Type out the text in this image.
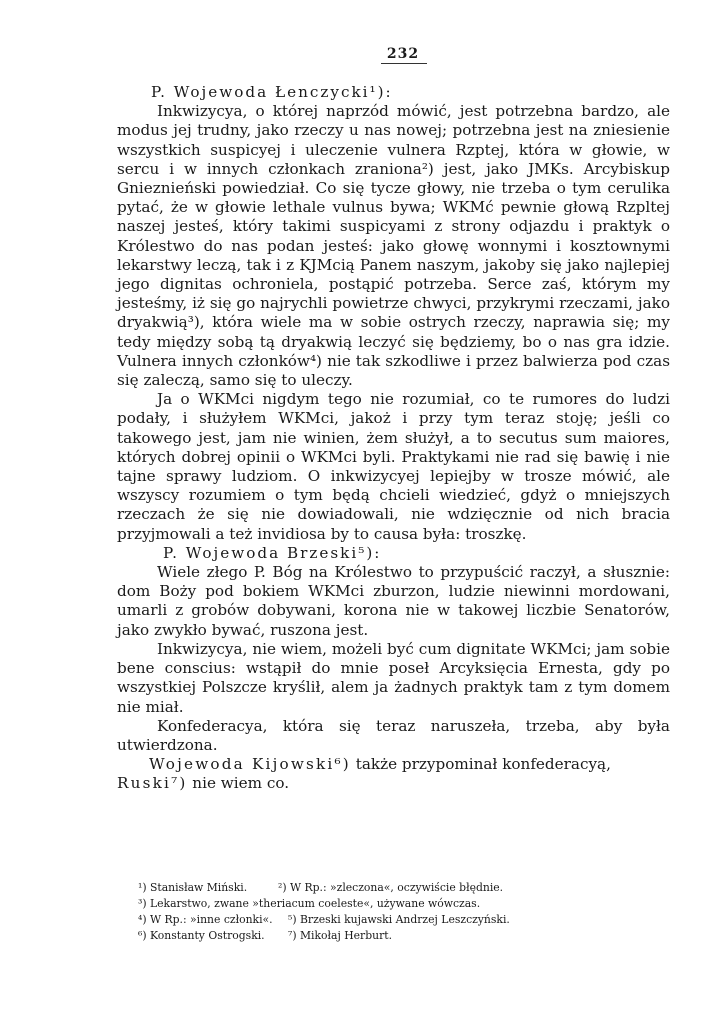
232

P. Wojewoda Łenczycki¹):

Inkwizycya, o której naprzód mówić, jest potrzebna bardzo, ale modus jej trudny, jako rzeczy u nas nowej; potrzebna jest na zniesienie wszystkich suspicyej i uleczenie vulnera Rzptej, która w głowie, w sercu i w innych członkach zraniona²) jest, jako JMKs. Arcybiskup Gnieznieński powiedział. Co się tycze głowy, nie trzeba o tym cerulika pytać, że w głowie lethale vulnus bywa; WKMć pewnie głową Rzpltej naszej jesteś, który takimi suspicyami z strony odjazdu i praktyk o Królestwo do nas podan jesteś: jako głowę wonnymi i kosztownymi lekarstwy leczą, tak i z KJMcią Panem naszym, jakoby się jako najlepiej jego dignitas ochroniela, postąpić potrzeba. Serce zaś, którym my jesteśmy, iż się go najrychli powietrze chwyci, przykrymi rzeczami, jako dryakwią³), która wiele ma w sobie ostrych rzeczy, naprawia się; my tedy między sobą tą dryakwią leczyć się będziemy, bo o nas gra idzie. Vulnera innych członków⁴) nie tak szkodliwe i przez balwierza pod czas się zaleczą, samo się to uleczy.

Ja o WKMci nigdym tego nie rozumiał, co te rumores do ludzi podały, i służyłem WKMci, jakoż i przy tym teraz stoję; jeśli co takowego jest, jam nie winien, żem służył, a to secutus sum maiores, których dobrej opinii o WKMci byli. Praktykami nie rad się bawię i nie tajne sprawy ludziom. O inkwizycyej lepiejby w trosze mówić, ale wszyscy rozumiem o tym będą chcieli wiedzieć, gdyż o mniejszych rzeczach że się nie dowiadowali, nie wdzięcznie od nich bracia przyjmowali a też invidiosa by to causa była: troszkę.

P. Wojewoda Brzeski⁵):

Wiele złego P. Bóg na Królestwo to przypuścić raczył, a słusznie: dom Boży pod bokiem WKMci zburzon, ludzie niewinni mordowani, umarli z grobów dobywani, korona nie w takowej liczbie Senatorów, jako zwykło bywać, ruszona jest.

Inkwizycya, nie wiem, możeli być cum dignitate WKMci; jam sobie bene conscius: wstąpił do mnie poseł Arcyksięcia Ernesta, gdy po wszystkiej Polszcze kryślił, alem ja żadnych praktyk tam z tym domem nie miał.

Konfederacya, która się teraz naruszeła, trzeba, aby była utwierdzona.

Wojewoda Kijowski⁶) także przypominał konfederacyą,

Ruski⁷) nie wiem co.

¹) Stanisław Miński.	²) W Rp.: »zleczona«, oczywiście błędnie.
³) Lekarstwo, zwane »theriacum coeleste«, używane wówczas.
⁴) W Rp.: »inne członki«.	⁵) Brzeski kujawski Andrzej Leszczyński.
⁶) Konstanty Ostrogski.	⁷) Mikołaj Herburt.
